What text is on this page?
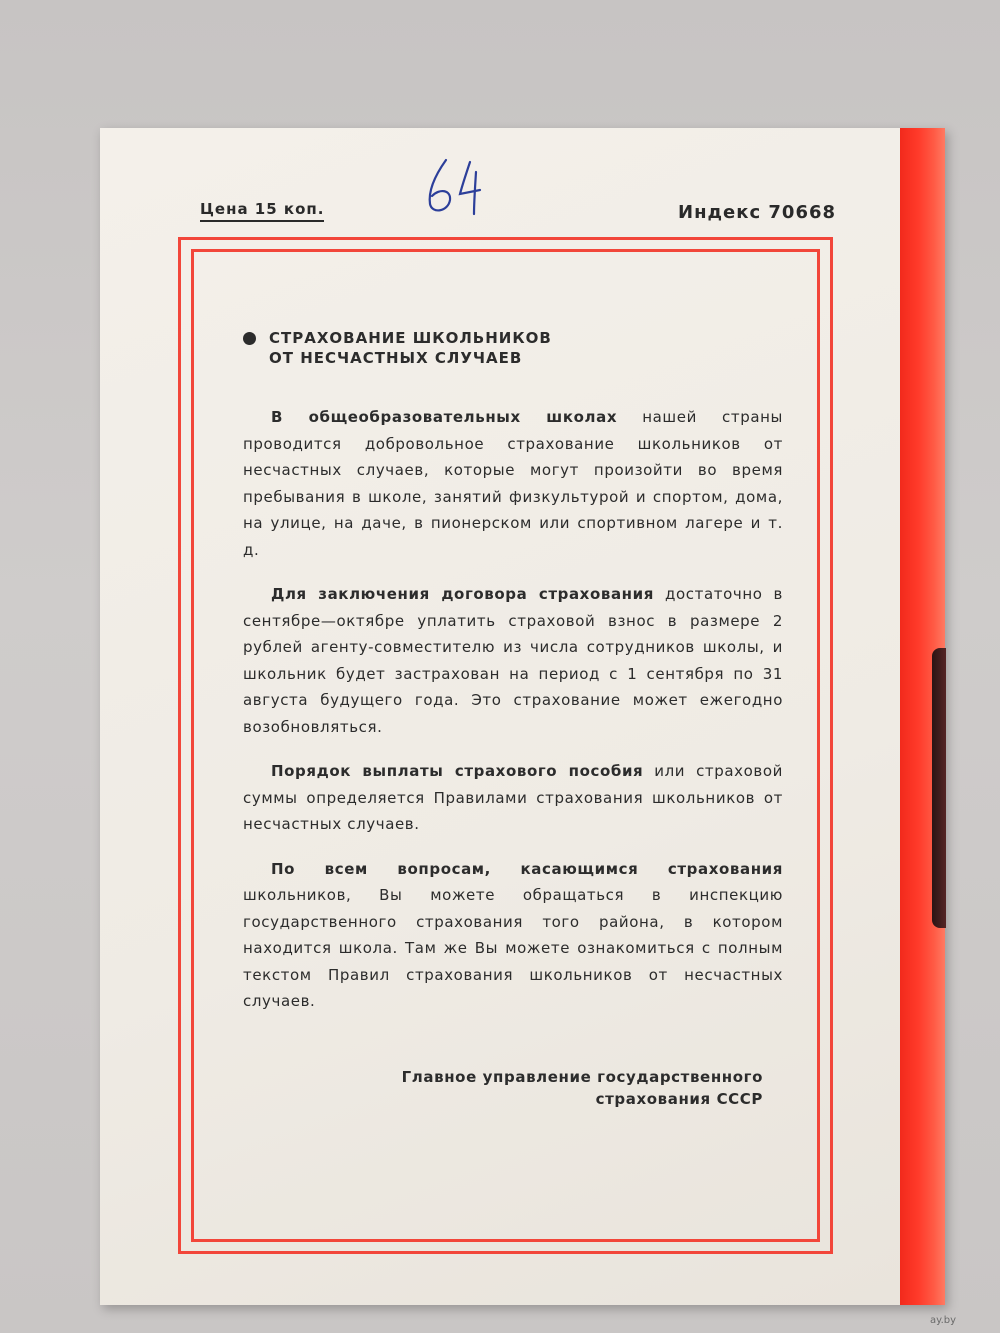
Цена 15 коп.	Индекс 70668
СТРАХОВАНИЕ ШКОЛЬНИКОВ
ОТ НЕСЧАСТНЫХ СЛУЧАЕВ

В общеобразовательных школах нашей страны проводится добровольное страхование школьников от несчастных случаев, которые могут произойти во время пребывания в школе, занятий физкультурой и спортом, дома, на улице, на даче, в пионерском или спортивном лагере и т. д.

Для заключения договора страхования достаточно в сентябре—октябре уплатить страховой взнос в размере 2 рублей агенту-совместителю из числа сотрудников школы, и школьник будет застрахован на период с 1 сентября по 31 августа будущего года. Это страхование может ежегодно возобновляться.

Порядок выплаты страхового пособия или страховой суммы определяется Правилами страхования школьников от несчастных случаев.

По всем вопросам, касающимся страхования школьников, Вы можете обращаться в инспекцию государственного страхования того района, в котором находится школа. Там же Вы можете ознакомиться с полным текстом Правил страхования школьников от несчастных случаев.

Главное управление государственного
страхования СССР
ay.by
